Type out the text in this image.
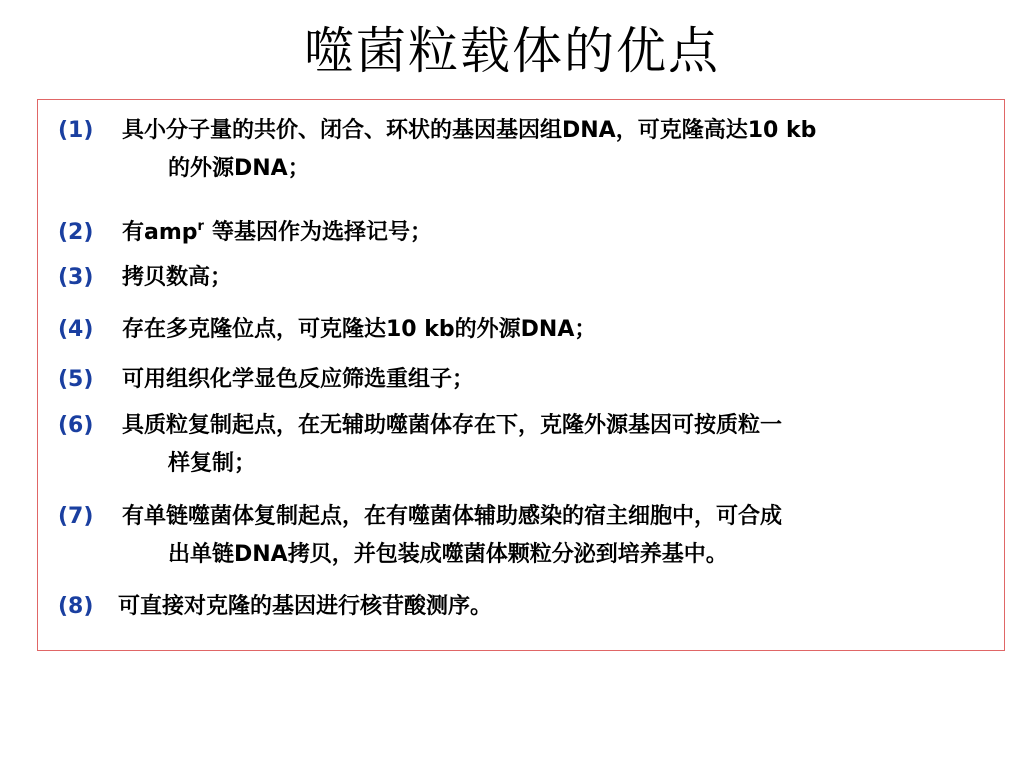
噬菌粒载体的优点
(1)	具小分子量的共价、闭合、环状的基因基因组DNA，可克隆高达10 kb
的外源DNA；
(2)	有amp$^r$ 等基因作为选择记号；
(3)	拷贝数高；
(4)	存在多克隆位点，可克隆达10 kb的外源DNA；
(5)	可用组织化学显色反应筛选重组子；
(6)	具质粒复制起点，在无辅助噬菌体存在下，克隆外源基因可按质粒一
样复制；
(7)	有单链噬菌体复制起点，在有噬菌体辅助感染的宿主细胞中，可合成
出单链DNA拷贝，并包装成噬菌体颗粒分泌到培养基中。
(8)	可直接对克隆的基因进行核苷酸测序。
